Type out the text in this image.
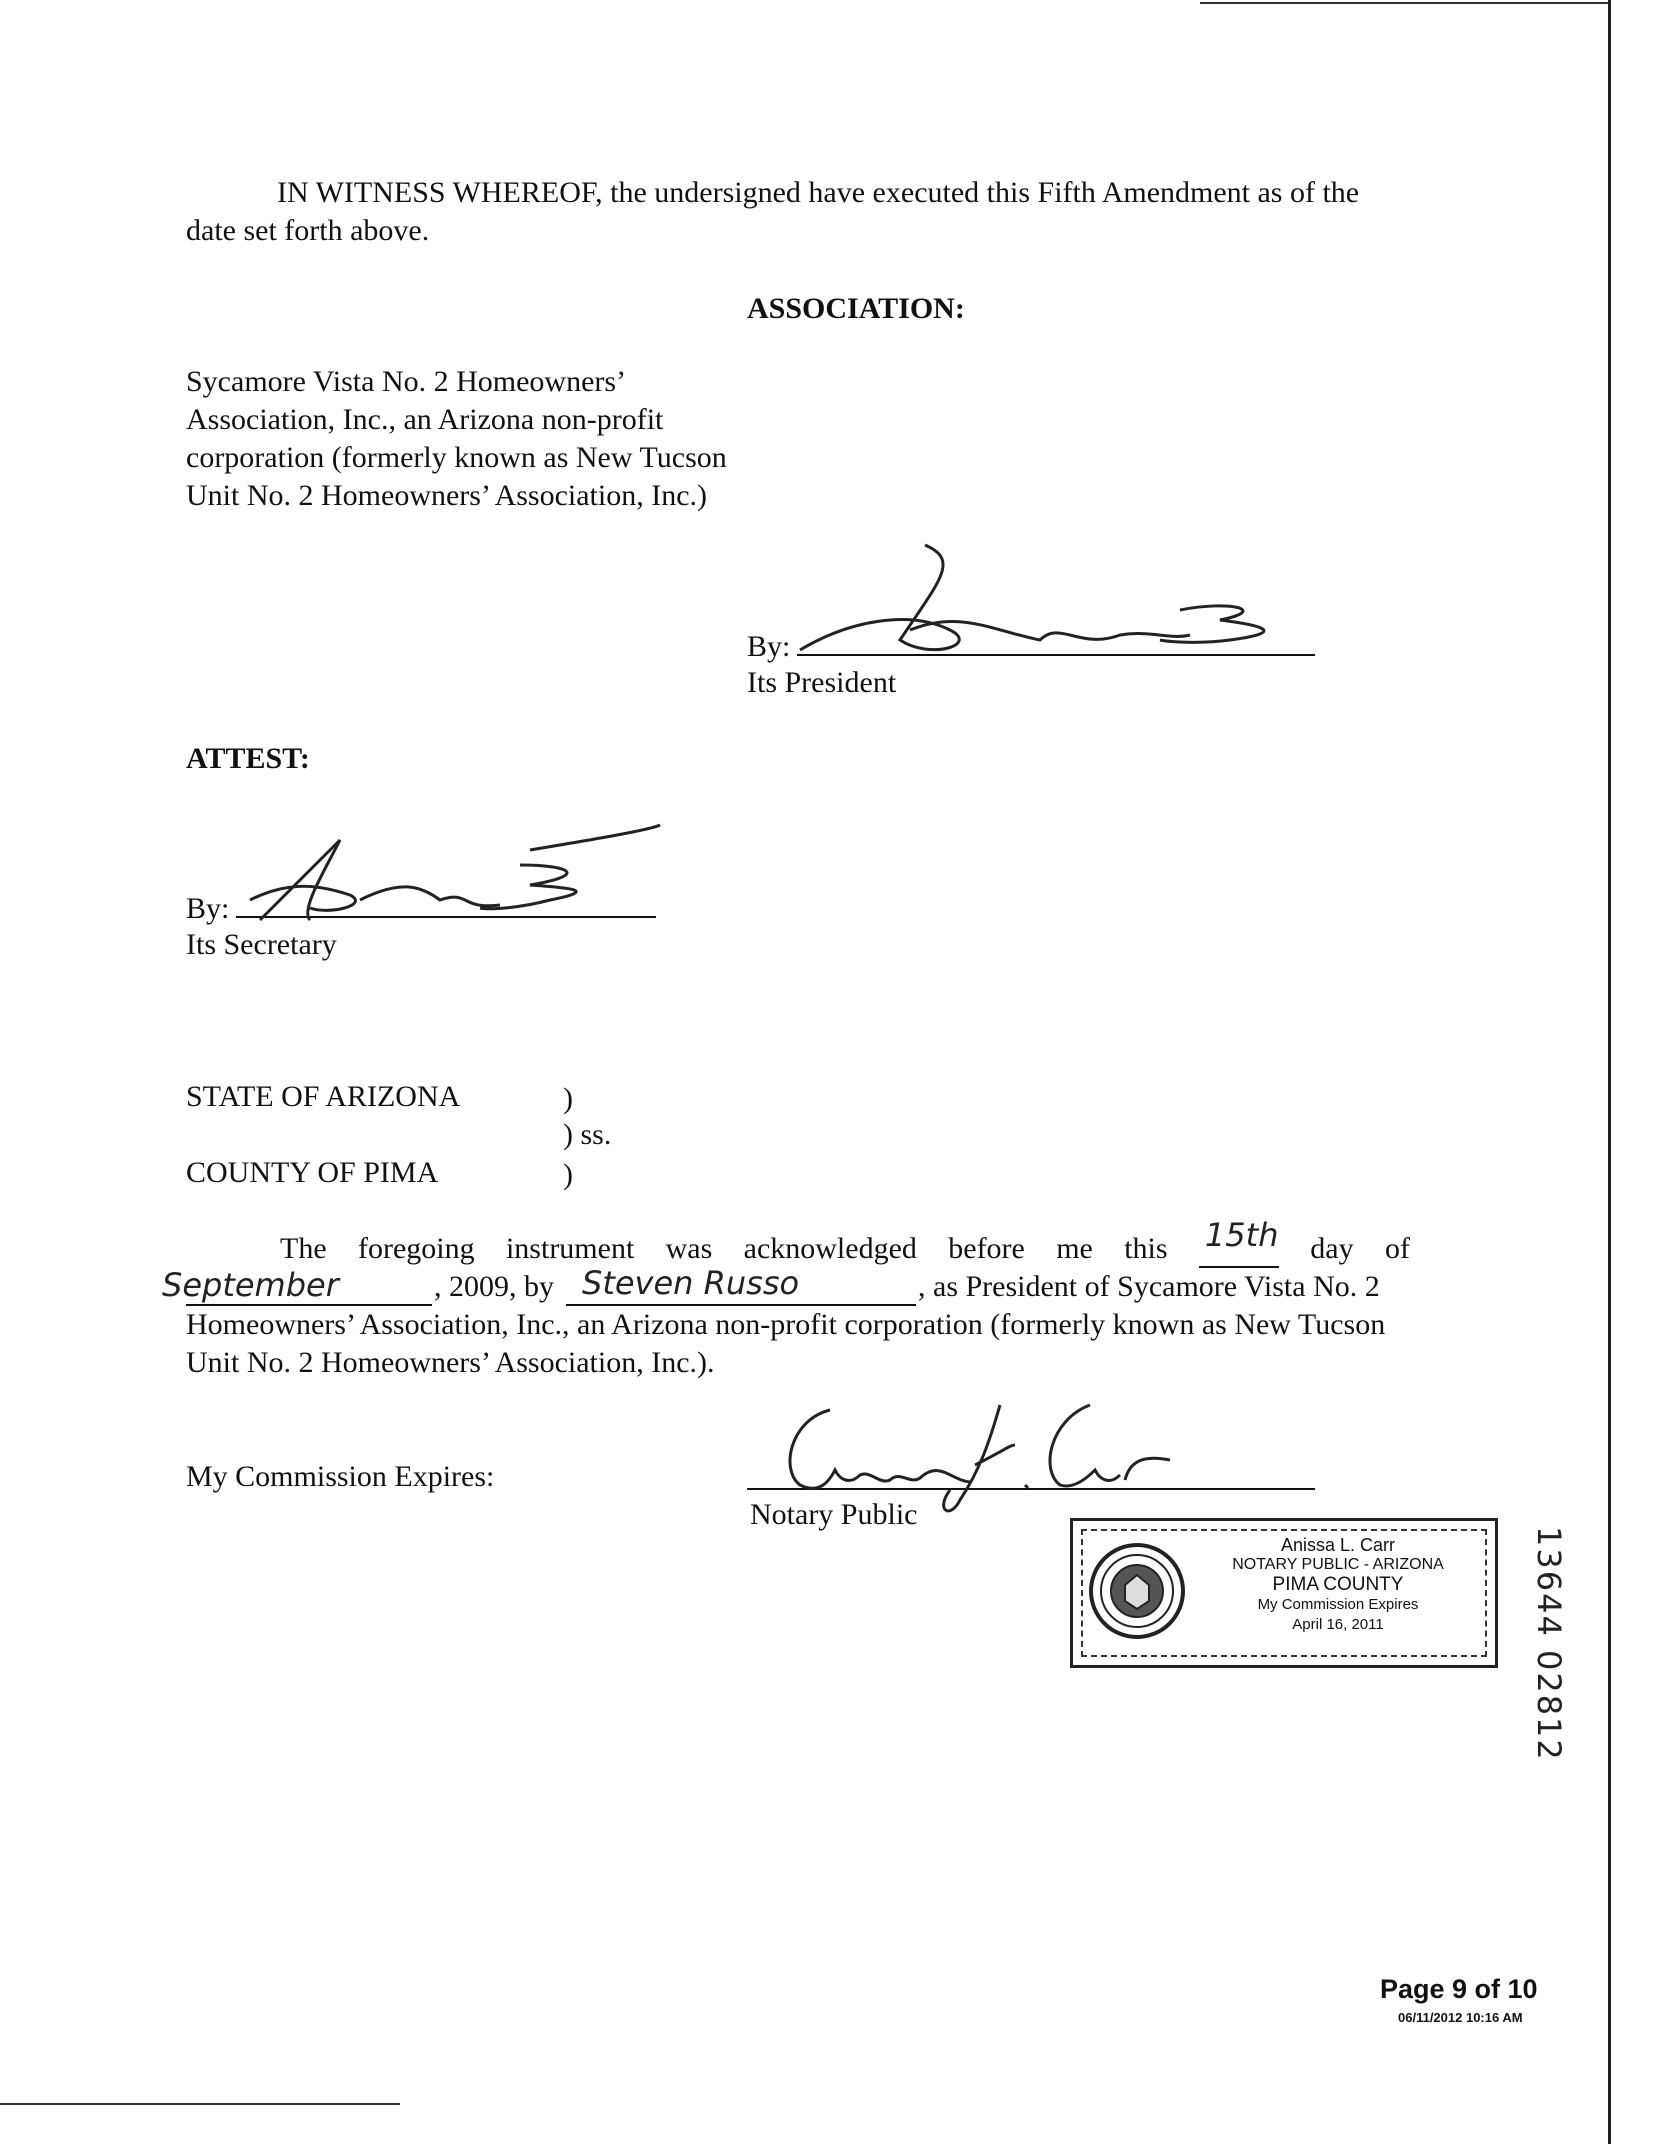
IN WITNESS WHEREOF, the undersigned have executed this Fifth Amendment as of the
date set forth above.
ASSOCIATION:
Sycamore Vista No. 2 Homeowners’
Association, Inc., an Arizona non-profit
corporation (formerly known as New Tucson
Unit No. 2 Homeowners’ Association, Inc.)
By:
Its President
ATTEST:
By:
Its Secretary
STATE OF ARIZONA	)
) ss.
COUNTY OF PIMA	)
The foregoing instrument was acknowledged before me this 15th day of
September	, 2009, by Steven Russo	, as President of Sycamore Vista No. 2
Homeowners’ Association, Inc., an Arizona non-profit corporation (formerly known as New Tucson
Unit No. 2 Homeowners’ Association, Inc.).
My Commission Expires:
Notary Public
Anissa L. Carr
NOTARY PUBLIC - ARIZONA
PIMA COUNTY
My Commission Expires
April 16, 2011	13644 02812
Page 9 of 10
06/11/2012 10:16 AM
